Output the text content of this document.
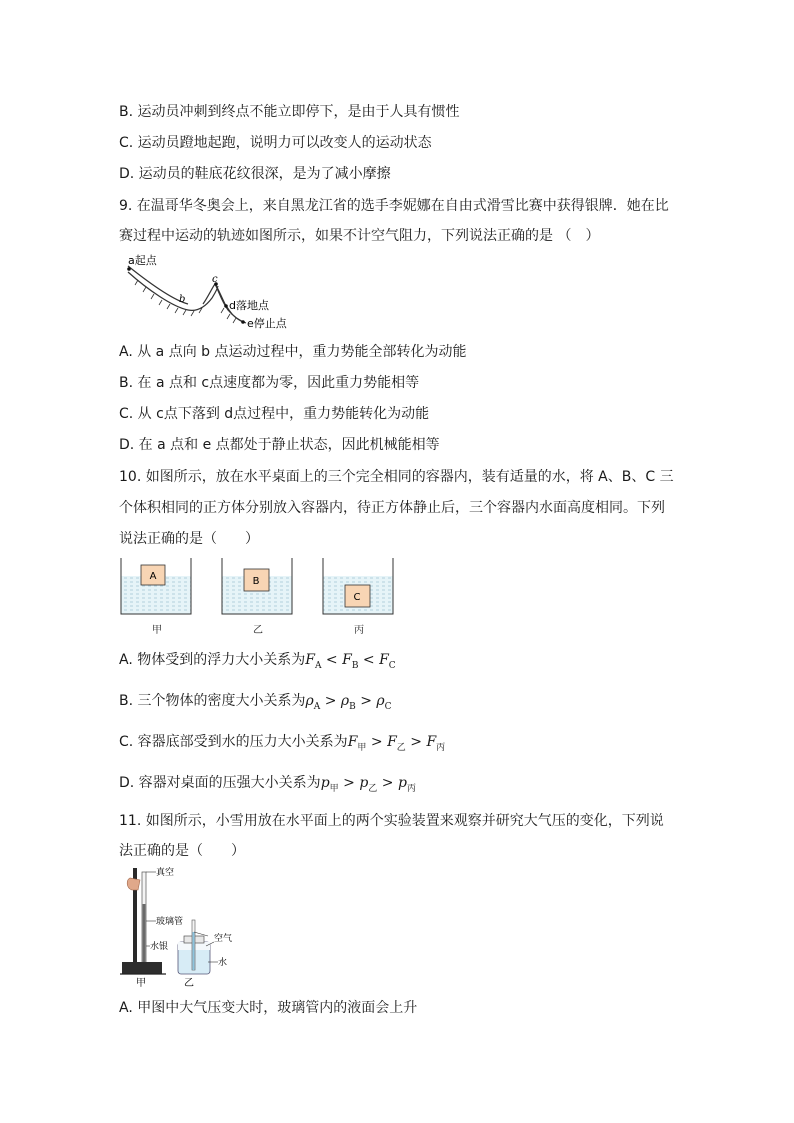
B. 运动员冲刺到终点不能立即停下，是由于人具有惯性
C. 运动员蹬地起跑，说明力可以改变人的运动状态
D. 运动员的鞋底花纹很深，是为了减小摩擦
9. 在温哥华冬奥会上，来自黑龙江省的选手李妮娜在自由式滑雪比赛中获得银牌．她在比
赛过程中运动的轨迹如图所示，如果不计空气阻力，下列说法正确的是 （　）
a起点
b
c
d落地点
e停止点
A. 从 a 点向 b 点运动过程中，重力势能全部转化为动能
B. 在 a 点和 c点速度都为零，因此重力势能相等
C. 从 c点下落到 d点过程中，重力势能转化为动能
D. 在 a 点和 e 点都处于静止状态，因此机械能相等
10. 如图所示，放在水平桌面上的三个完全相同的容器内，装有适量的水，将 A、B、C 三
个体积相同的正方体分别放入容器内，待正方体静止后，三个容器内水面高度相同。下列
说法正确的是（　　）
A	B
C
甲	乙	丙
A. 物体受到的浮力大小关系为$F_A < F_B < F_C$
B. 三个物体的密度大小关系为$\rho_A > \rho_B > \rho_C$
C. 容器底部受到水的压力大小关系为$F_甲 > F_乙 > F_丙$
D. 容器对桌面的压强大小关系为$p_甲 > p_乙 > p_丙$
11. 如图所示，小雪用放在水平面上的两个实验装置来观察并研究大气压的变化，下列说
法正确的是（　　）
真空
玻璃管
水银
空气
水
甲	乙
A. 甲图中大气压变大时，玻璃管内的液面会上升
